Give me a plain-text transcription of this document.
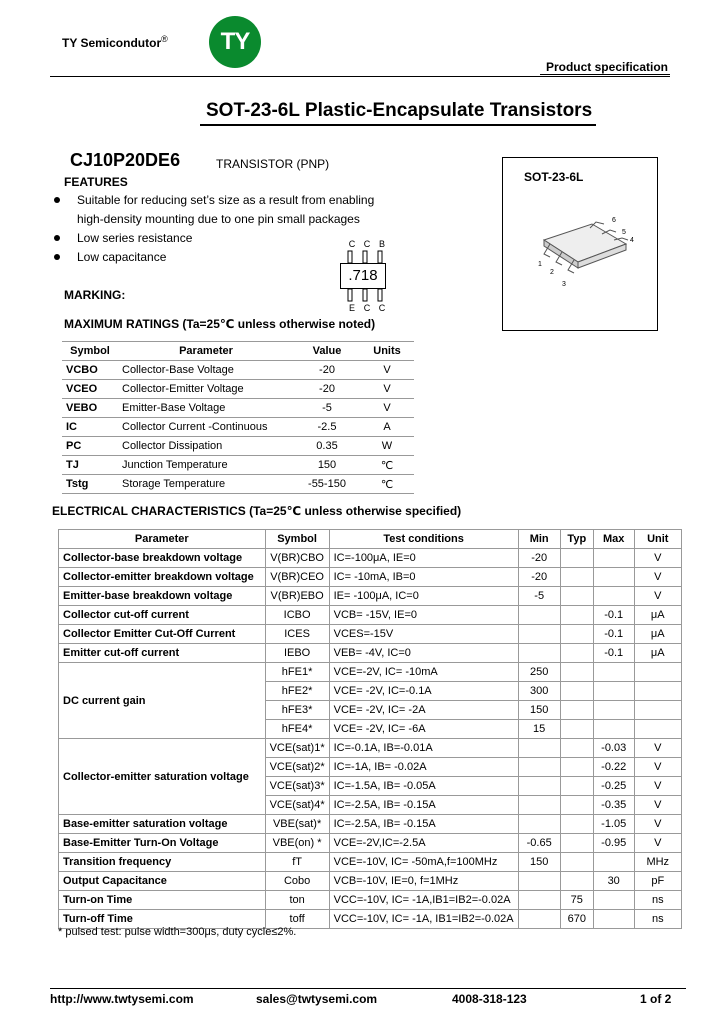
TY Semicondutor®	TY
Product specification
SOT-23-6L Plastic-Encapsulate Transistors
CJ10P20DE6	TRANSISTOR (PNP)
FEATURES
Suitable for reducing set’s size as a result from enabling
high-density mounting due to one pin small packages
Low series resistance
Low capacitance
SOT-23-6L
6
5
4
1
2
3
MARKING:
C C B
.718
E C C
MAXIMUM RATINGS (Ta=25℃ unless otherwise noted)
Symbol	Parameter	Value	Units
VCBO	Collector-Base Voltage	-20	V
VCEO	Collector-Emitter Voltage	-20	V
VEBO	Emitter-Base Voltage	-5	V
IC	Collector Current -Continuous	-2.5	A
PC	Collector Dissipation	0.35	W
TJ	Junction Temperature	150	℃
Tstg	Storage Temperature	-55-150	℃
ELECTRICAL CHARACTERISTICS (Ta=25℃ unless otherwise specified)
Parameter	Symbol	Test conditions	Min	Typ	Max	Unit
Collector-base breakdown voltage	V(BR)CBO	IC=-100μA, IE=0	-20			V
Collector-emitter breakdown voltage	V(BR)CEO	IC= -10mA, IB=0	-20			V
Emitter-base breakdown voltage	V(BR)EBO	IE= -100μA, IC=0	-5			V
Collector cut-off current	ICBO	VCB= -15V, IE=0			-0.1	μA
Collector Emitter Cut-Off Current	ICES	VCES=-15V			-0.1	μA
Emitter cut-off current	IEBO	VEB= -4V, IC=0			-0.1	μA
DC current gain	hFE1*	VCE=-2V, IC= -10mA	250			
	hFE2*	VCE= -2V, IC=-0.1A	300			
	hFE3*	VCE= -2V, IC= -2A	150			
	hFE4*	VCE= -2V, IC= -6A	15			
Collector-emitter saturation voltage	VCE(sat)1*	IC=-0.1A, IB=-0.01A			-0.03	V
	VCE(sat)2*	IC=-1A, IB= -0.02A			-0.22	V
	VCE(sat)3*	IC=-1.5A, IB= -0.05A			-0.25	V
	VCE(sat)4*	IC=-2.5A, IB= -0.15A			-0.35	V
Base-emitter saturation voltage	VBE(sat)*	IC=-2.5A, IB= -0.15A			-1.05	V
Base-Emitter Turn-On Voltage	VBE(on) *	VCE=-2V,IC=-2.5A	-0.65		-0.95	V
Transition frequency	fT	VCE=-10V, IC= -50mA,f=100MHz	150			MHz
Output Capacitance	Cobo	VCB=-10V, IE=0, f=1MHz			30	pF
Turn-on Time	ton	VCC=-10V, IC= -1A,IB1=IB2=-0.02A		75		ns
Turn-off Time	toff	VCC=-10V, IC= -1A, IB1=IB2=-0.02A		670		ns
* pulsed test: pulse width=300μs, duty cycle≤2%.
http://www.twtysemi.com	sales@twtysemi.com	4008-318-123	1 of 2
